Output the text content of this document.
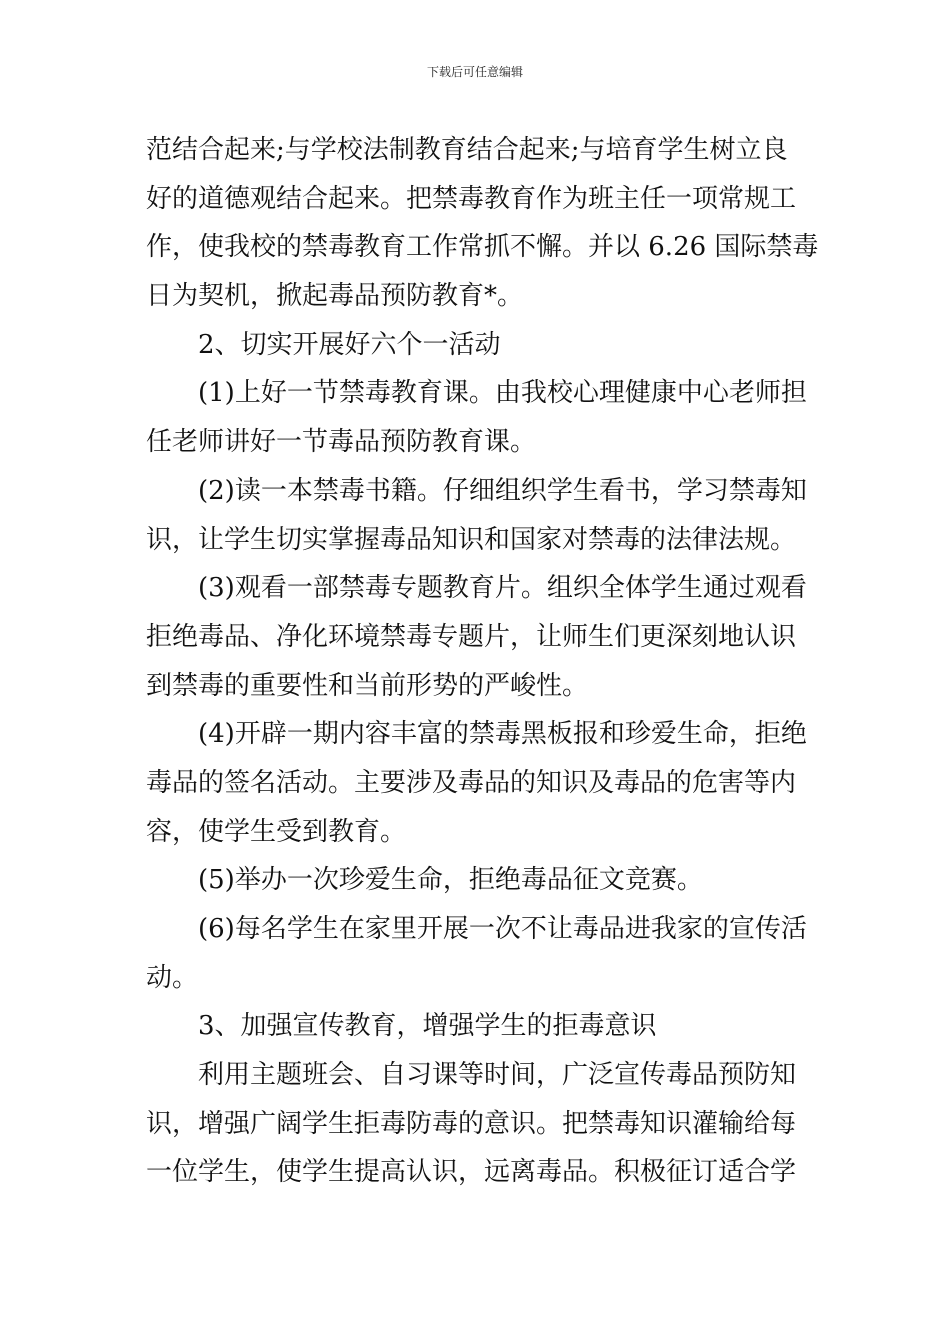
下载后可任意编辑
范结合起来;与学校法制教育结合起来;与培育学生树立良
好的道德观结合起来。把禁毒教育作为班主任一项常规工
作，使我校的禁毒教育工作常抓不懈。并以 6.26 国际禁毒
日为契机，掀起毒品预防教育*。
2、切实开展好六个一活动
(1)上好一节禁毒教育课。由我校心理健康中心老师担
任老师讲好一节毒品预防教育课。
(2)读一本禁毒书籍。仔细组织学生看书，学习禁毒知
识，让学生切实掌握毒品知识和国家对禁毒的法律法规。
(3)观看一部禁毒专题教育片。组织全体学生通过观看
拒绝毒品、净化环境禁毒专题片，让师生们更深刻地认识
到禁毒的重要性和当前形势的严峻性。
(4)开辟一期内容丰富的禁毒黑板报和珍爱生命，拒绝
毒品的签名活动。主要涉及毒品的知识及毒品的危害等内
容，使学生受到教育。
(5)举办一次珍爱生命，拒绝毒品征文竞赛。
(6)每名学生在家里开展一次不让毒品进我家的宣传活
动。
3、加强宣传教育，增强学生的拒毒意识
利用主题班会、自习课等时间，广泛宣传毒品预防知
识，增强广阔学生拒毒防毒的意识。把禁毒知识灌输给每
一位学生，使学生提高认识，远离毒品。积极征订适合学
